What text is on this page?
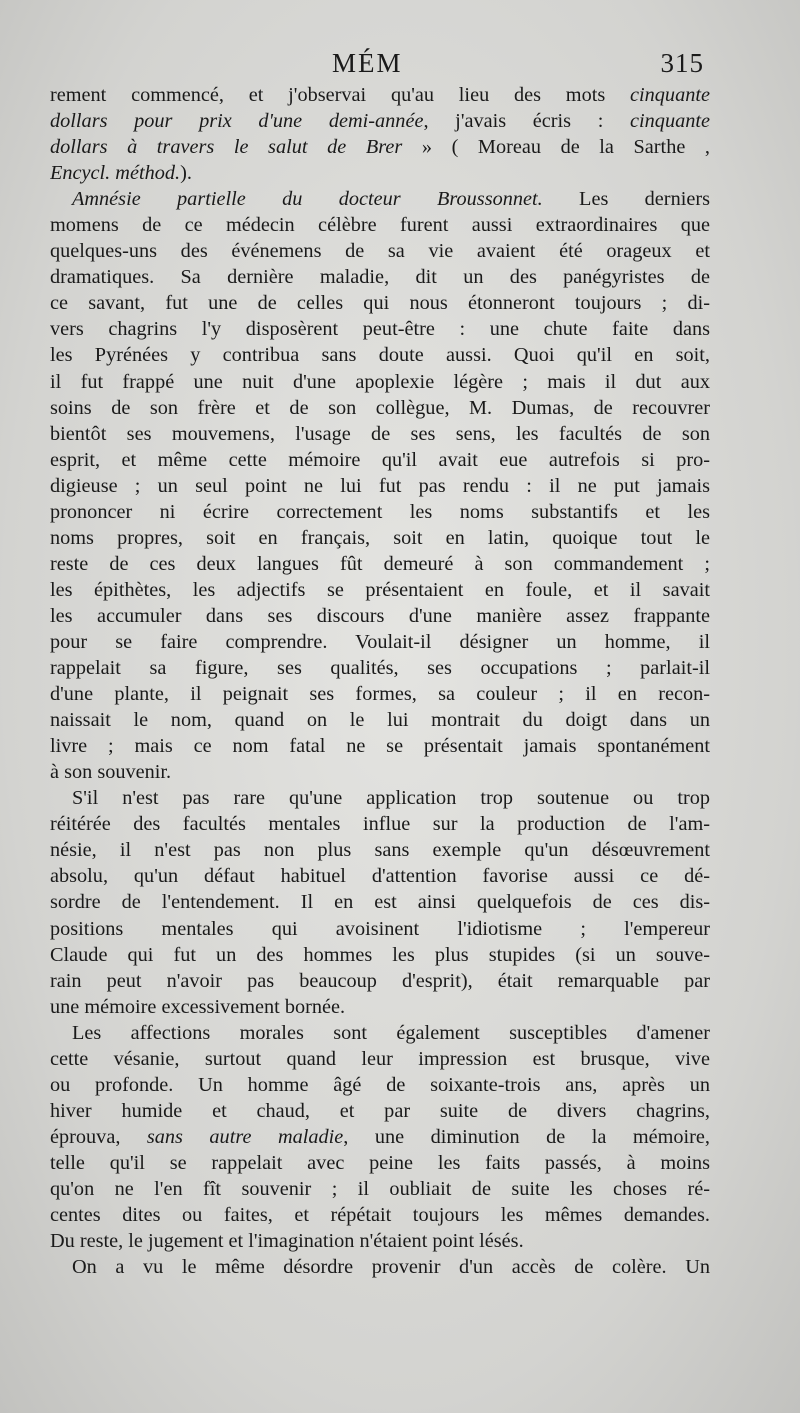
MÉM	315
rement commencé, et j'observai qu'au lieu des mots cinquante
dollars pour prix d'une demi-année, j'avais écris : cinquante
dollars à travers le salut de Brer » ( Moreau de la Sarthe ,
Encycl. méthod.).
Amnésie partielle du docteur Broussonnet. Les derniers
momens de ce médecin célèbre furent aussi extraordinaires que
quelques-uns des événemens de sa vie avaient été orageux et
dramatiques. Sa dernière maladie, dit un des panégyristes de
ce savant, fut une de celles qui nous étonneront toujours ; di-
vers chagrins l'y disposèrent peut-être : une chute faite dans
les Pyrénées y contribua sans doute aussi. Quoi qu'il en soit,
il fut frappé une nuit d'une apoplexie légère ; mais il dut aux
soins de son frère et de son collègue, M. Dumas, de recouvrer
bientôt ses mouvemens, l'usage de ses sens, les facultés de son
esprit, et même cette mémoire qu'il avait eue autrefois si pro-
digieuse ; un seul point ne lui fut pas rendu : il ne put jamais
prononcer ni écrire correctement les noms substantifs et les
noms propres, soit en français, soit en latin, quoique tout le
reste de ces deux langues fût demeuré à son commandement ;
les épithètes, les adjectifs se présentaient en foule, et il savait
les accumuler dans ses discours d'une manière assez frappante
pour se faire comprendre. Voulait-il désigner un homme, il
rappelait sa figure, ses qualités, ses occupations ; parlait-il
d'une plante, il peignait ses formes, sa couleur ; il en recon-
naissait le nom, quand on le lui montrait du doigt dans un
livre ; mais ce nom fatal ne se présentait jamais spontanément
à son souvenir.
S'il n'est pas rare qu'une application trop soutenue ou trop
réitérée des facultés mentales influe sur la production de l'am-
nésie, il n'est pas non plus sans exemple qu'un désœuvrement
absolu, qu'un défaut habituel d'attention favorise aussi ce dé-
sordre de l'entendement. Il en est ainsi quelquefois de ces dis-
positions mentales qui avoisinent l'idiotisme ; l'empereur
Claude qui fut un des hommes les plus stupides (si un souve-
rain peut n'avoir pas beaucoup d'esprit), était remarquable par
une mémoire excessivement bornée.
Les affections morales sont également susceptibles d'amener
cette vésanie, surtout quand leur impression est brusque, vive
ou profonde. Un homme âgé de soixante-trois ans, après un
hiver humide et chaud, et par suite de divers chagrins,
éprouva, sans autre maladie, une diminution de la mémoire,
telle qu'il se rappelait avec peine les faits passés, à moins
qu'on ne l'en fît souvenir ; il oubliait de suite les choses ré-
centes dites ou faites, et répétait toujours les mêmes demandes.
Du reste, le jugement et l'imagination n'étaient point lésés.
On a vu le même désordre provenir d'un accès de colère. Un
